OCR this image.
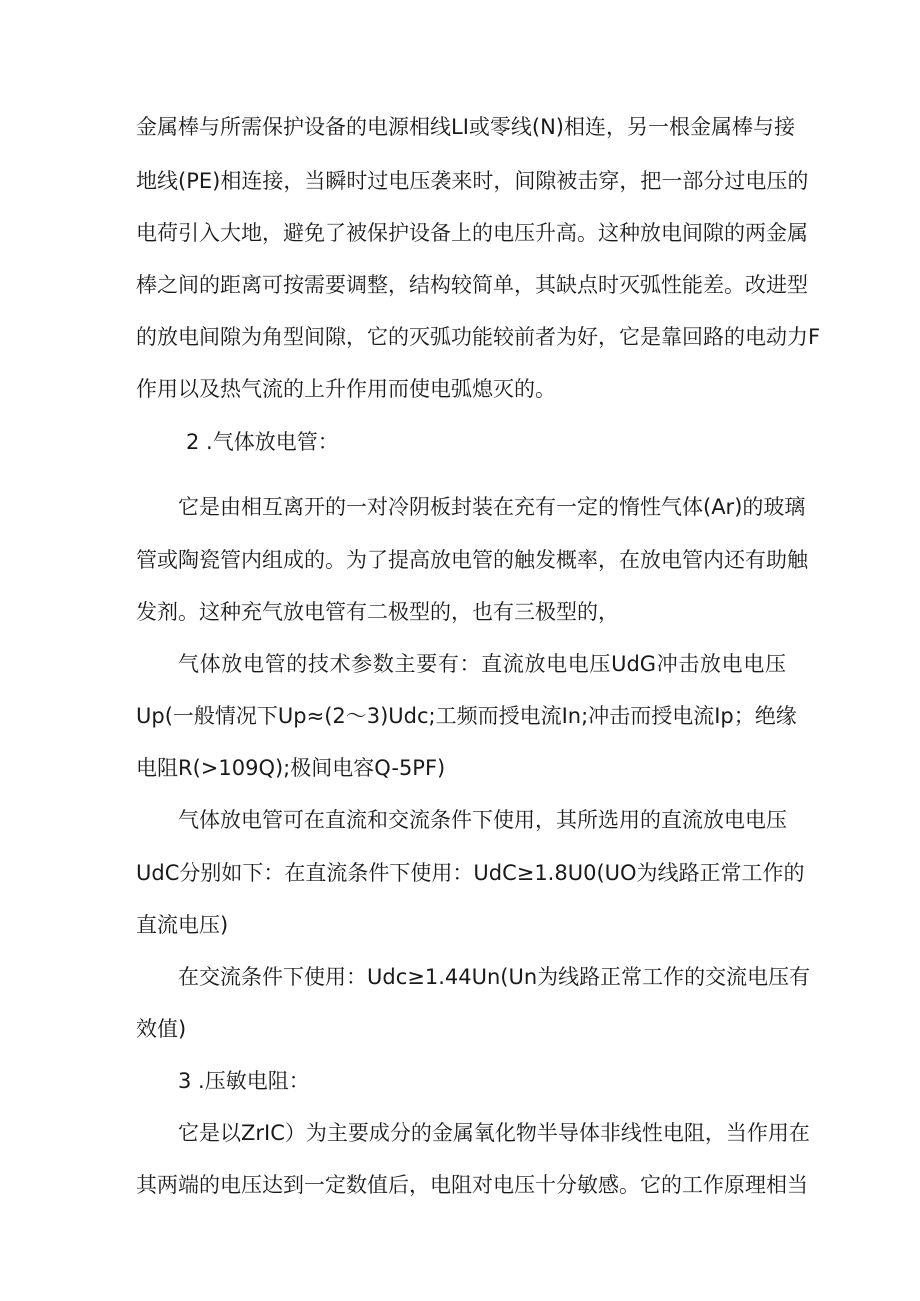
金属棒与所需保护设备的电源相线LI或零线(N)相连，另一根金属棒与接
地线(PE)相连接，当瞬时过电压袭来时，间隙被击穿，把一部分过电压的
电荷引入大地，避免了被保护设备上的电压升高。这种放电间隙的两金属
棒之间的距离可按需要调整，结构较简单，其缺点时灭弧性能差。改进型
的放电间隙为角型间隙，它的灭弧功能较前者为好，它是靠回路的电动力F
作用以及热气流的上升作用而使电弧熄灭的。
2 .气体放电管：
它是由相互离开的一对冷阴板封装在充有一定的惰性气体(Ar)的玻璃
管或陶瓷管内组成的。为了提高放电管的触发概率，在放电管内还有助触
发剂。这种充气放电管有二极型的，也有三极型的，
气体放电管的技术参数主要有：直流放电电压UdG冲击放电电压
Up(一般情况下Up≈(2～3)Udc;工频而授电流In;冲击而授电流Ip；绝缘
电阻R(>109Q);极间电容Q-5PF)
气体放电管可在直流和交流条件下使用，其所选用的直流放电电压
UdC分别如下：在直流条件下使用：UdC≥1.8U0(UO为线路正常工作的
直流电压)
在交流条件下使用：Udc≥1.44Un(Un为线路正常工作的交流电压有
效值)
3 .压敏电阻：
它是以ZrIC）为主要成分的金属氧化物半导体非线性电阻，当作用在
其两端的电压达到一定数值后，电阻对电压十分敏感。它的工作原理相当
